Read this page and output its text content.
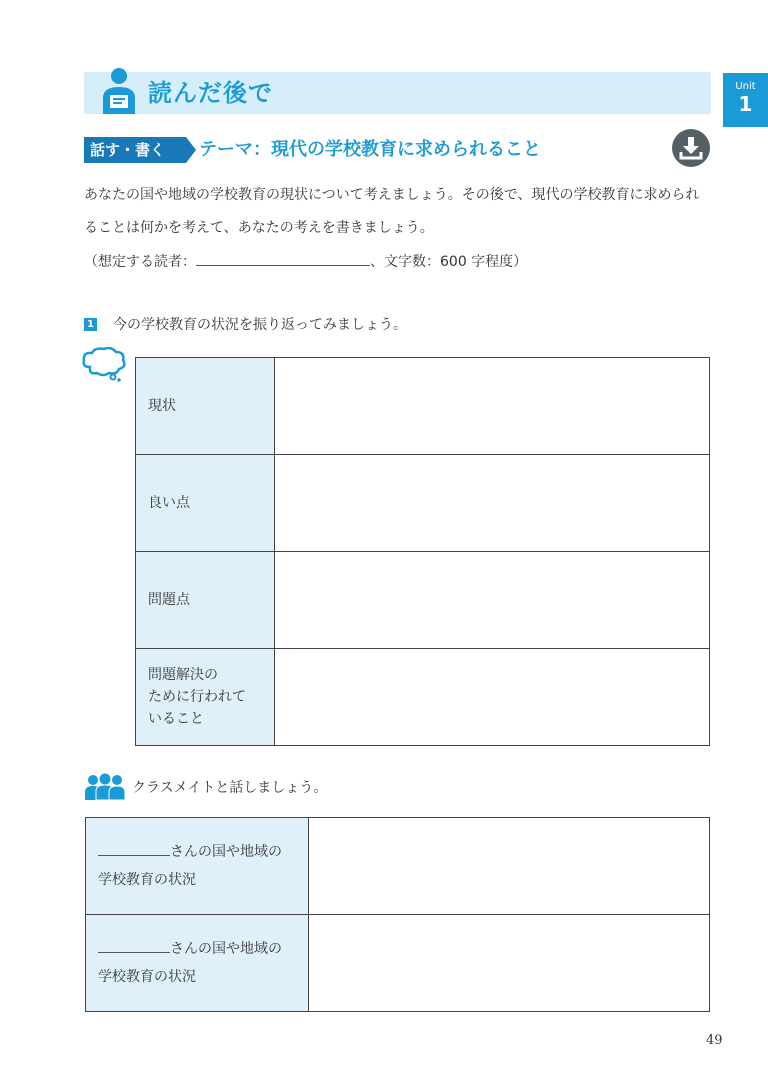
Unit
1
読んだ後で
話す・書く テーマ：現代の学校教育に求められること
あなたの国や地域の学校教育の現状について考えましょう。その後で、現代の学校教育に求められ
ることは何かを考えて、あなたの考えを書きましょう。
（想定する読者：	、文字数：600 字程度）
1 今の学校教育の状況を振り返ってみましょう。
現状	
良い点	
問題点	

問題解決の
ために行われて
いること	

クラスメイトと話しましょう。
さんの国や地域の
学校教育の状況	

さんの国や地域の
学校教育の状況	

49
